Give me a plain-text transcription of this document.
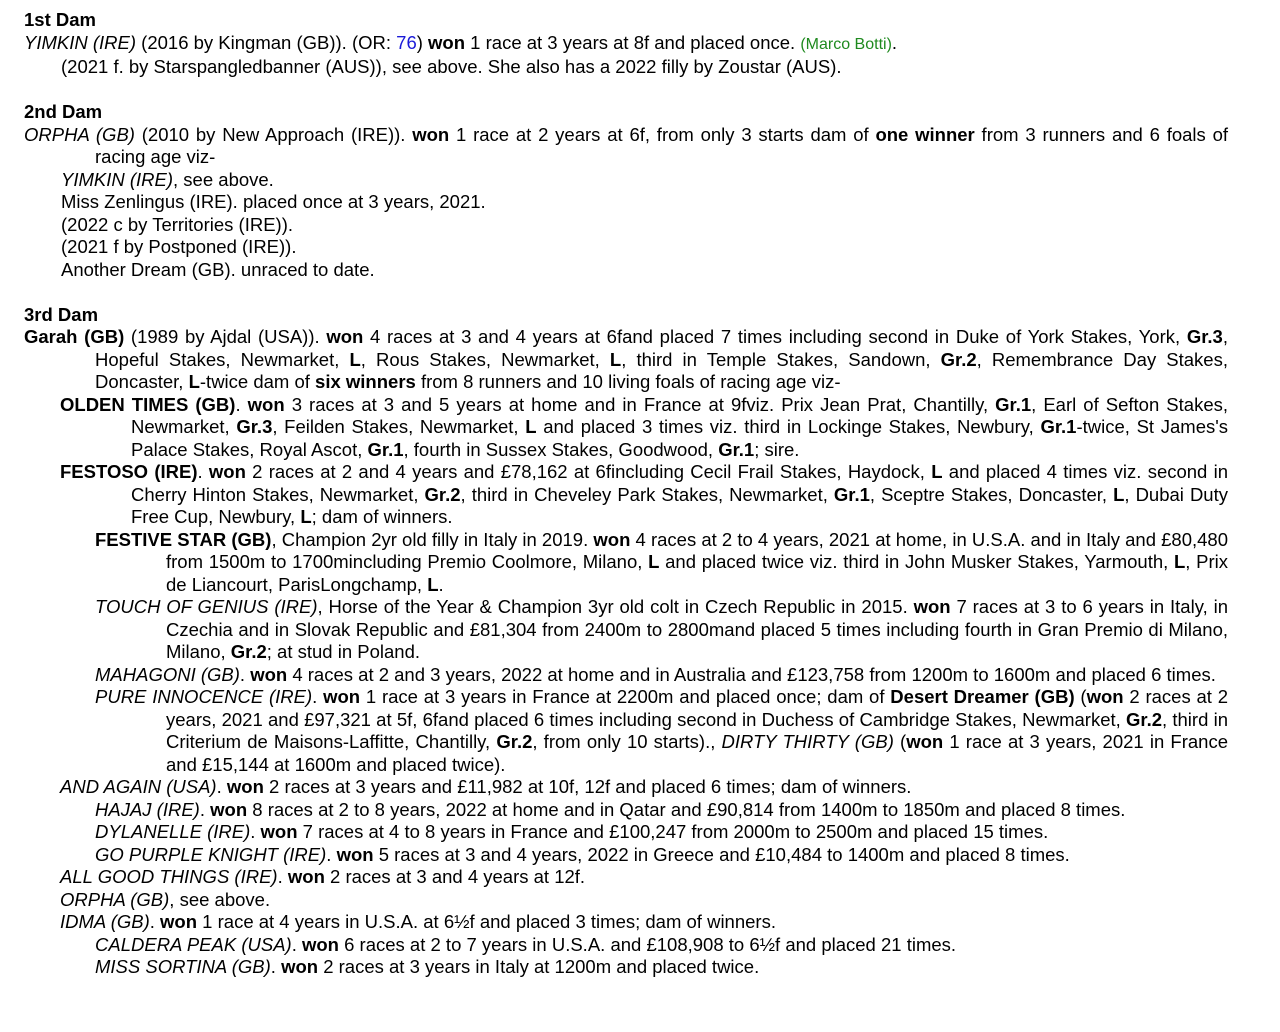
1st Dam
YIMKIN (IRE) (2016 by Kingman (GB)). (OR: 76) won 1 race at 3 years at 8f and placed once. (Marco Botti).
(2021 f. by Starspangledbanner (AUS)), see above. She also has a 2022 filly by Zoustar (AUS).
2nd Dam
ORPHA (GB) (2010 by New Approach (IRE)). won 1 race at 2 years at 6f, from only 3 starts dam of one winner from 3 runners and 6 foals of racing age viz-
YIMKIN (IRE), see above.
Miss Zenlingus (IRE). placed once at 3 years, 2021.
(2022 c by Territories (IRE)).
(2021 f by Postponed (IRE)).
Another Dream (GB). unraced to date.
3rd Dam
Garah (GB) (1989 by Ajdal (USA)). won 4 races at 3 and 4 years at 6fand placed 7 times including second in Duke of York Stakes, York, Gr.3, Hopeful Stakes, Newmarket, L, Rous Stakes, Newmarket, L, third in Temple Stakes, Sandown, Gr.2, Remembrance Day Stakes, Doncaster, L-twice dam of six winners from 8 runners and 10 living foals of racing age viz-
OLDEN TIMES (GB). won 3 races at 3 and 5 years at home and in France at 9fviz. Prix Jean Prat, Chantilly, Gr.1, Earl of Sefton Stakes, Newmarket, Gr.3, Feilden Stakes, Newmarket, L and placed 3 times viz. third in Lockinge Stakes, Newbury, Gr.1-twice, St James's Palace Stakes, Royal Ascot, Gr.1, fourth in Sussex Stakes, Goodwood, Gr.1; sire.
FESTOSO (IRE). won 2 races at 2 and 4 years and £78,162 at 6fincluding Cecil Frail Stakes, Haydock, L and placed 4 times viz. second in Cherry Hinton Stakes, Newmarket, Gr.2, third in Cheveley Park Stakes, Newmarket, Gr.1, Sceptre Stakes, Doncaster, L, Dubai Duty Free Cup, Newbury, L; dam of winners.
FESTIVE STAR (GB), Champion 2yr old filly in Italy in 2019. won 4 races at 2 to 4 years, 2021 at home, in U.S.A. and in Italy and £80,480 from 1500m to 1700mincluding Premio Coolmore, Milano, L and placed twice viz. third in John Musker Stakes, Yarmouth, L, Prix de Liancourt, ParisLongchamp, L.
TOUCH OF GENIUS (IRE), Horse of the Year & Champion 3yr old colt in Czech Republic in 2015. won 7 races at 3 to 6 years in Italy, in Czechia and in Slovak Republic and £81,304 from 2400m to 2800mand placed 5 times including fourth in Gran Premio di Milano, Milano, Gr.2; at stud in Poland.
MAHAGONI (GB). won 4 races at 2 and 3 years, 2022 at home and in Australia and £123,758 from 1200m to 1600m and placed 6 times.
PURE INNOCENCE (IRE). won 1 race at 3 years in France at 2200m and placed once; dam of Desert Dreamer (GB) (won 2 races at 2 years, 2021 and £97,321 at 5f, 6fand placed 6 times including second in Duchess of Cambridge Stakes, Newmarket, Gr.2, third in Criterium de Maisons-Laffitte, Chantilly, Gr.2, from only 10 starts)., DIRTY THIRTY (GB) (won 1 race at 3 years, 2021 in France and £15,144 at 1600m and placed twice).
AND AGAIN (USA). won 2 races at 3 years and £11,982 at 10f, 12f and placed 6 times; dam of winners.
HAJAJ (IRE). won 8 races at 2 to 8 years, 2022 at home and in Qatar and £90,814 from 1400m to 1850m and placed 8 times.
DYLANELLE (IRE). won 7 races at 4 to 8 years in France and £100,247 from 2000m to 2500m and placed 15 times.
GO PURPLE KNIGHT (IRE). won 5 races at 3 and 4 years, 2022 in Greece and £10,484 to 1400m and placed 8 times.
ALL GOOD THINGS (IRE). won 2 races at 3 and 4 years at 12f.
ORPHA (GB), see above.
IDMA (GB). won 1 race at 4 years in U.S.A. at 6½f and placed 3 times; dam of winners.
CALDERA PEAK (USA). won 6 races at 2 to 7 years in U.S.A. and £108,908 to 6½f and placed 21 times.
MISS SORTINA (GB). won 2 races at 3 years in Italy at 1200m and placed twice.
